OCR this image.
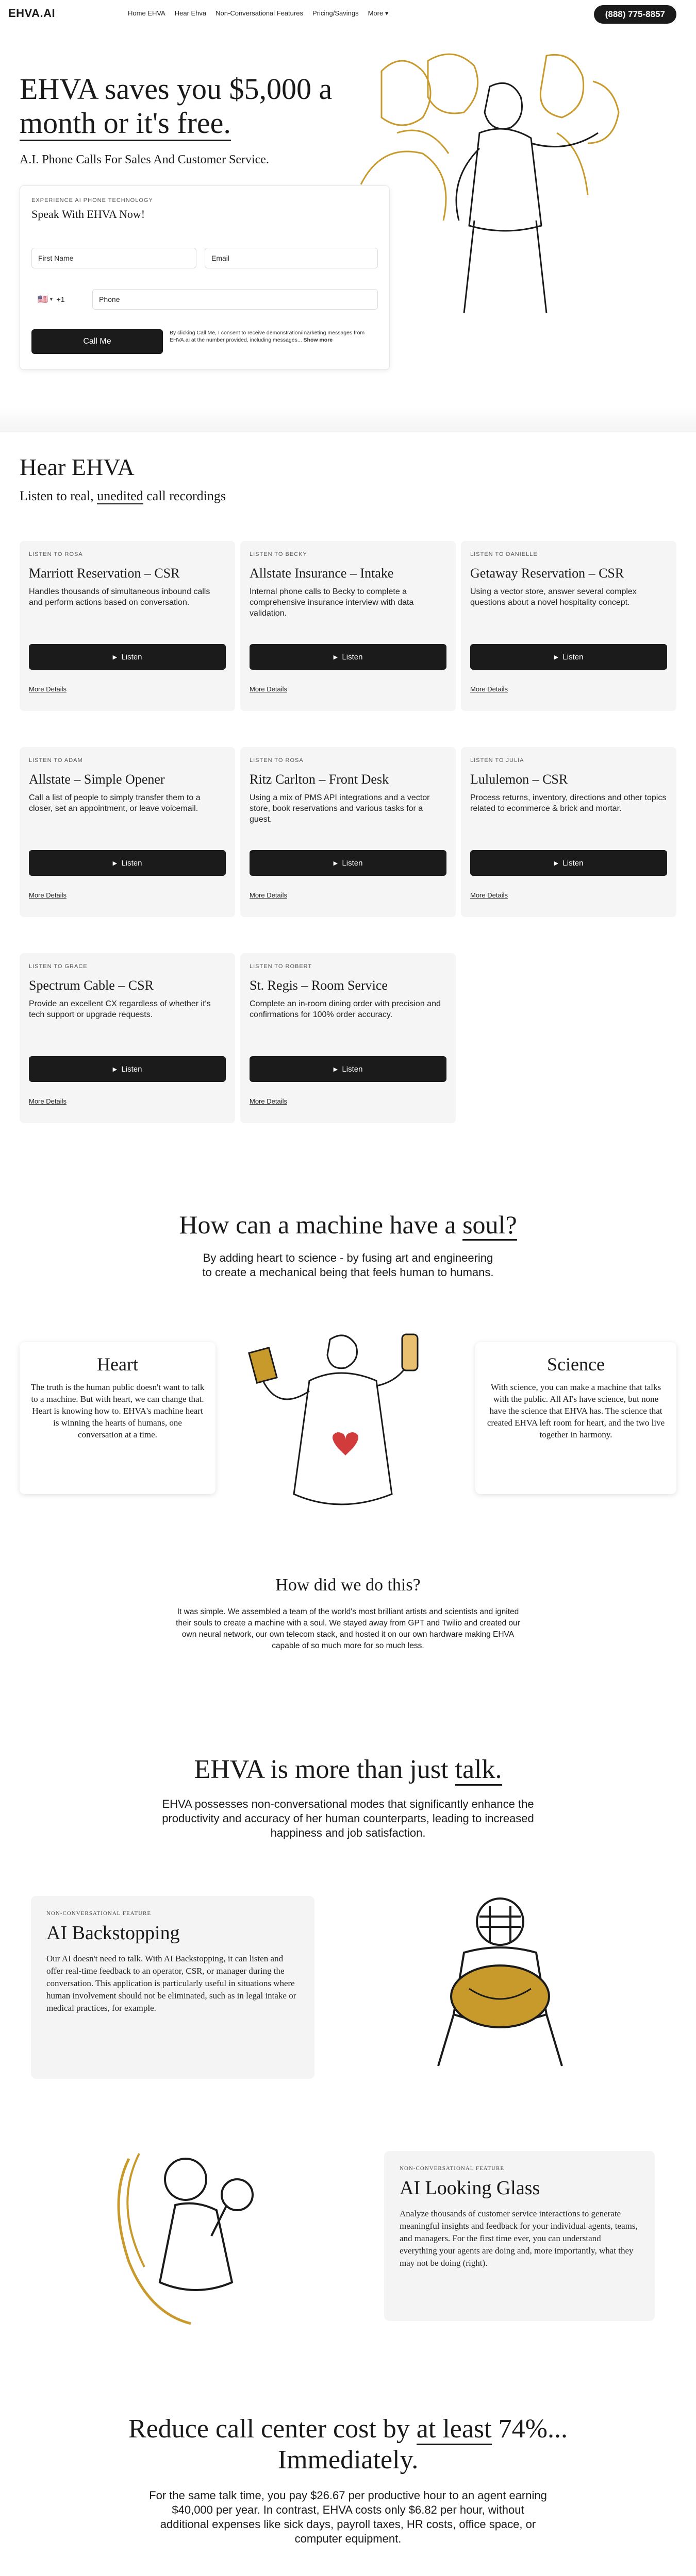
EHVA.AI	Home EHVA Hear Ehva Non-Conversational Features Pricing/Savings More ▾	(888) 775-8857
EHVA saves you $5,000 a month or it's free.
A.I. Phone Calls For Sales And Customer Service.
EXPERIENCE AI PHONE TECHNOLOGY
Speak With EHVA Now!
First Name	Email
🇺🇸
▾
+1	Phone
Call Me
By clicking Call Me, I consent to receive demonstration/marketing messages from EHVA.ai at the number provided, including messages... Show more
Hear EHVA
Listen to real, unedited call recordings
LISTEN TO ROSA
Marriott Reservation – CSR
Handles thousands of simultaneous inbound calls and perform actions based on conversation.
▶
Listen
More Details
LISTEN TO BECKY
Allstate Insurance – Intake
Internal phone calls to Becky to complete a comprehensive insurance interview with data validation.
▶
Listen
More Details
LISTEN TO DANIELLE
Getaway Reservation – CSR
Using a vector store, answer several complex questions about a novel hospitality concept.
▶
Listen
More Details
LISTEN TO ADAM
Allstate – Simple Opener
Call a list of people to simply transfer them to a closer, set an appointment, or leave voicemail.
▶
Listen
More Details
LISTEN TO ROSA
Ritz Carlton – Front Desk
Using a mix of PMS API integrations and a vector store, book reservations and various tasks for a guest.
▶
Listen
More Details
LISTEN TO JULIA
Lululemon – CSR
Process returns, inventory, directions and other topics related to ecommerce & brick and mortar.
▶
Listen
More Details
LISTEN TO GRACE
Spectrum Cable – CSR
Provide an excellent CX regardless of whether it's tech support or upgrade requests.
▶
Listen
More Details
LISTEN TO ROBERT
St. Regis – Room Service
Complete an in-room dining order with precision and confirmations for 100% order accuracy.
▶
Listen
More Details
How can a machine have a soul?
By adding heart to science - by fusing art and engineering to create a mechanical being that feels human to humans.
Heart

The truth is the human public doesn't want to talk to a machine. But with heart, we can change that. Heart is knowing how to. EHVA's machine heart is winning the hearts of humans, one conversation at a time.

Science

With science, you can make a machine that talks with the public. All AI's have science, but none have the science that EHVA has. The science that created EHVA left room for heart, and the two live together in harmony.

How did we do this?
It was simple. We assembled a team of the world's most brilliant artists and scientists and ignited their souls to create a machine with a soul. We stayed away from GPT and Twilio and created our own neural network, our own telecom stack, and hosted it on our own hardware making EHVA capable of so much more for so much less.
EHVA is more than just talk.
EHVA possesses non-conversational modes that significantly enhance the productivity and accuracy of her human counterparts, leading to increased happiness and job satisfaction.
NON-CONVERSATIONAL FEATURE
AI Backstopping

Our AI doesn't need to talk. With AI Backstopping, it can listen and offer real-time feedback to an operator, CSR, or manager during the conversation. This application is particularly useful in situations where human involvement should not be eliminated, such as in legal intake or medical practices, for example.

NON-CONVERSATIONAL FEATURE
AI Looking Glass

Analyze thousands of customer service interactions to generate meaningful insights and feedback for your individual agents, teams, and managers. For the first time ever, you can understand everything your agents are doing and, more importantly, what they may not be doing (right).

Reduce call center cost by at least 74%...
Immediately.
For the same talk time, you pay $26.67 per productive hour to an agent earning $40,000 per year. In contrast, EHVA costs only $6.82 per hour, without additional expenses like sick days, payroll taxes, HR costs, office space, or computer equipment.
